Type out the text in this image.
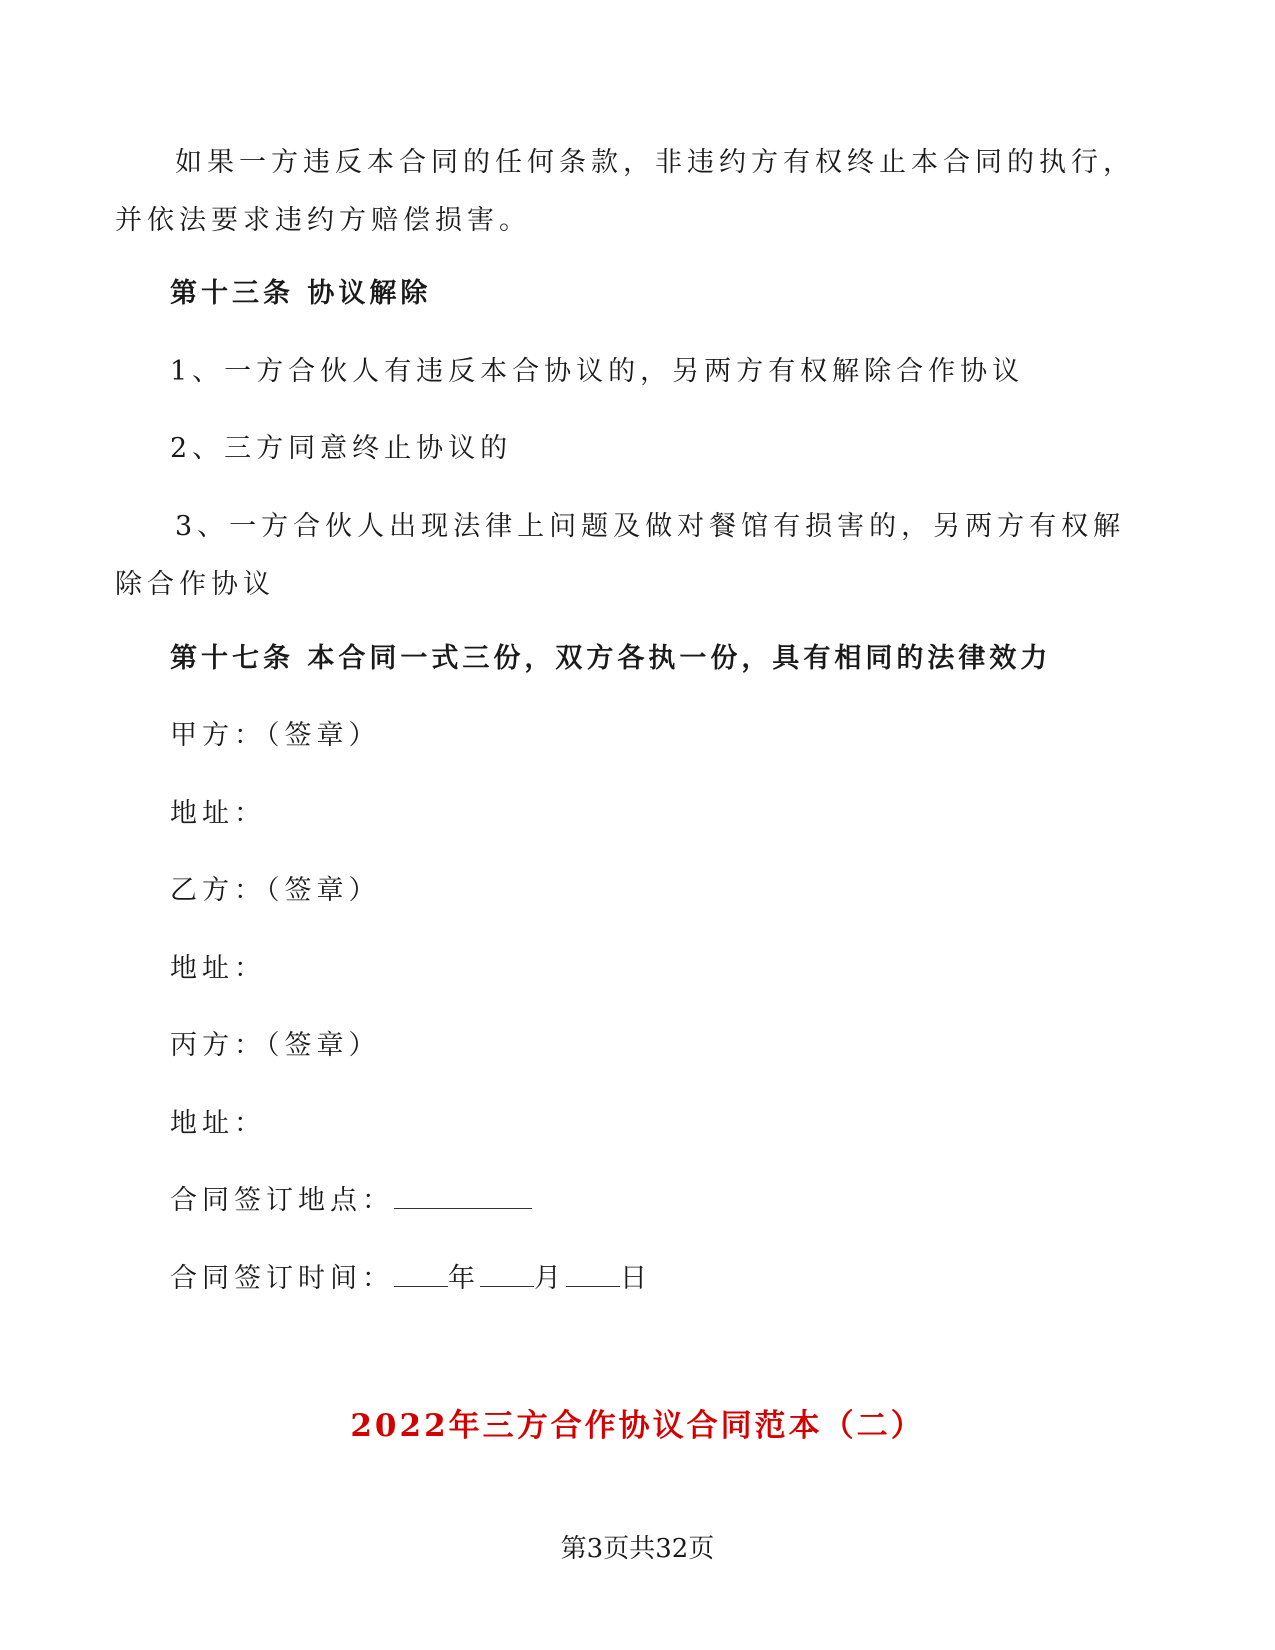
如果一方违反本合同的任何条款，非违约方有权终止本合同的执行，并依法要求违约方赔偿损害。
第十三条 协议解除
1、一方合伙人有违反本合协议的，另两方有权解除合作协议
2、三方同意终止协议的
3、一方合伙人出现法律上问题及做对餐馆有损害的，另两方有权解除合作协议
第十七条 本合同一式三份，双方各执一份，具有相同的法律效力
甲方：（签章）
地址：
乙方：（签章）
地址：
丙方：（签章）
地址：
合同签订地点：
合同签订时间： 年 月 日
2022年三方合作协议合同范本（二）
第3页共32页
